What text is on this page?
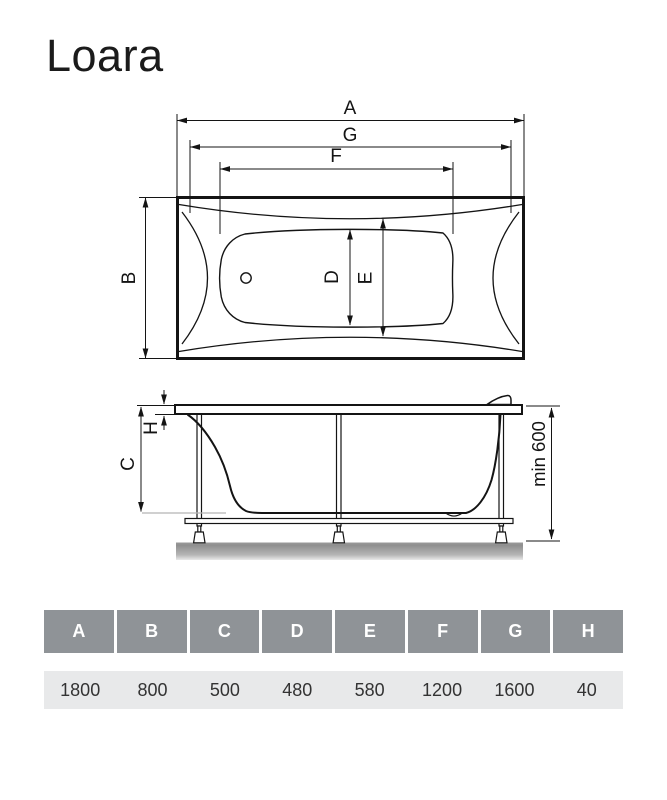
Loara
A
G
F
B	D E
H
C	min 600
A	B	C	D	E	F	G	H
1800	800	500	480	580	1200	1600	40
